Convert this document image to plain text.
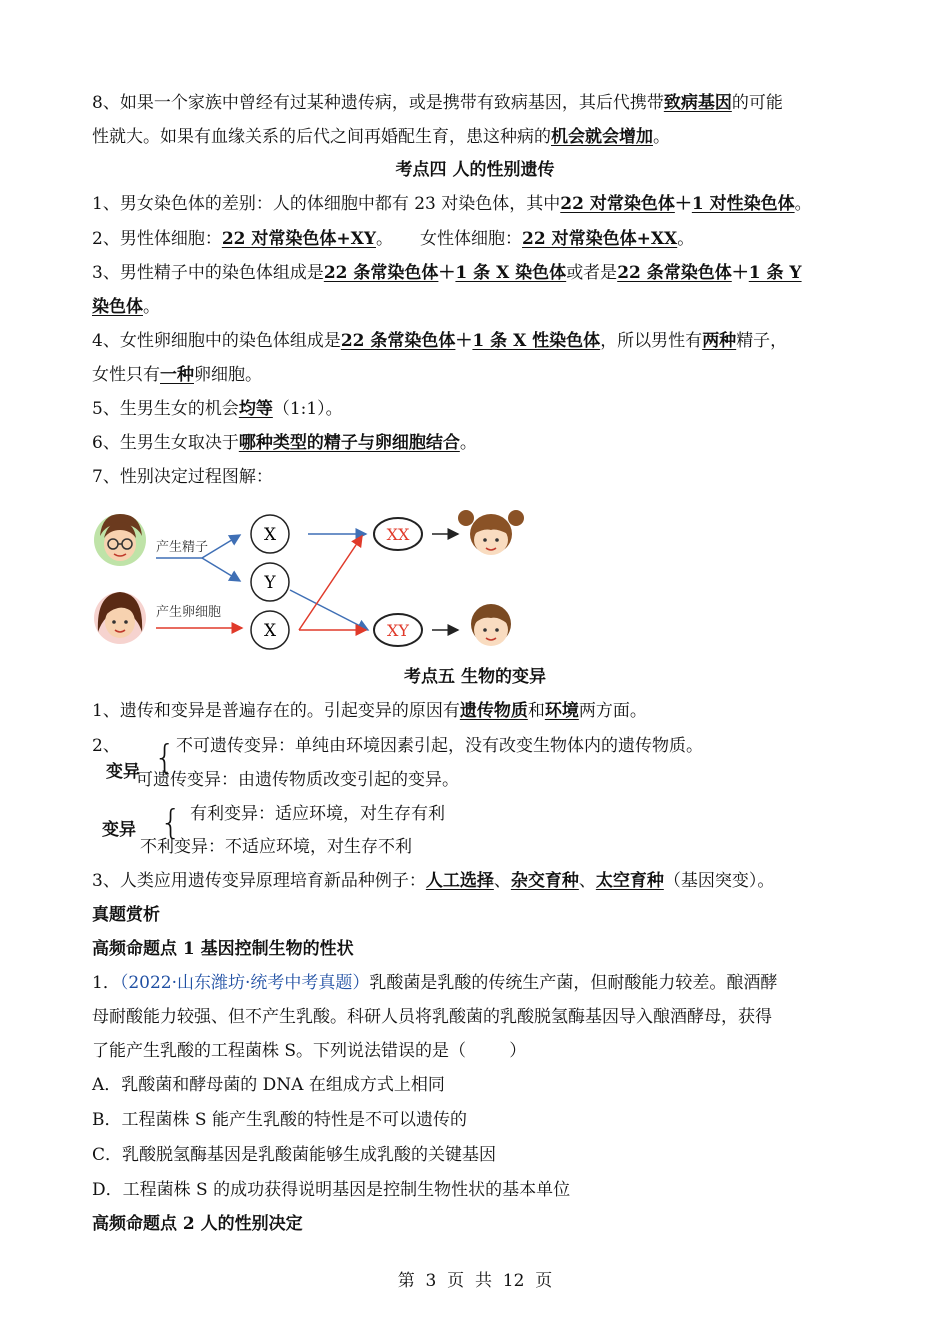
8、如果一个家族中曾经有过某种遗传病，或是携带有致病基因，其后代携带致病基因的可能
性就大。如果有血缘关系的后代之间再婚配生育，患这种病的机会就会增加。
考点四 人的性别遗传
1、男女染色体的差别：人的体细胞中都有 23 对染色体，其中22 对常染色体＋1 对性染色体。
2、男性体细胞：22 对常染色体+XY。     女性体细胞：22 对常染色体+XX。
3、男性精子中的染色体组成是22 条常染色体＋1 条 X 染色体或者是22 条常染色体＋1 条 Y
染色体。
4、女性卵细胞中的染色体组成是22 条常染色体＋1 条 X 性染色体，所以男性有两种精子，
女性只有一种卵细胞。
5、生男生女的机会均等（1:1）。
6、生男生女取决于哪种类型的精子与卵细胞结合。
7、性别决定过程图解：
产生精子
产生卵细胞
X
Y
X
XX
XY
考点五 生物的变异
1、遗传和变异是普遍存在的。引起变异的原因有遗传物质和环境两方面。
2、
变异 { 不可遗传变异：单纯由环境因素引起，没有改变生物体内的遗传物质。
可遗传变异：由遗传物质改变引起的变异。
变异 { 有利变异：适应环境，对生存有利
不利变异：不适应环境，对生存不利
3、人类应用遗传变异原理培育新品种例子：人工选择、杂交育种、太空育种（基因突变）。
真题赏析
高频命题点 1 基因控制生物的性状
1．（2022·山东潍坊·统考中考真题）乳酸菌是乳酸的传统生产菌，但耐酸能力较差。酿酒酵
母耐酸能力较强、但不产生乳酸。科研人员将乳酸菌的乳酸脱氢酶基因导入酿酒酵母，获得
了能产生乳酸的工程菌株 S。下列说法错误的是（        ）
A．乳酸菌和酵母菌的 DNA 在组成方式上相同
B．工程菌株 S 能产生乳酸的特性是不可以遗传的
C．乳酸脱氢酶基因是乳酸菌能够生成乳酸的关键基因
D．工程菌株 S 的成功获得说明基因是控制生物性状的基本单位
高频命题点 2 人的性别决定
第  3  页  共  12  页
